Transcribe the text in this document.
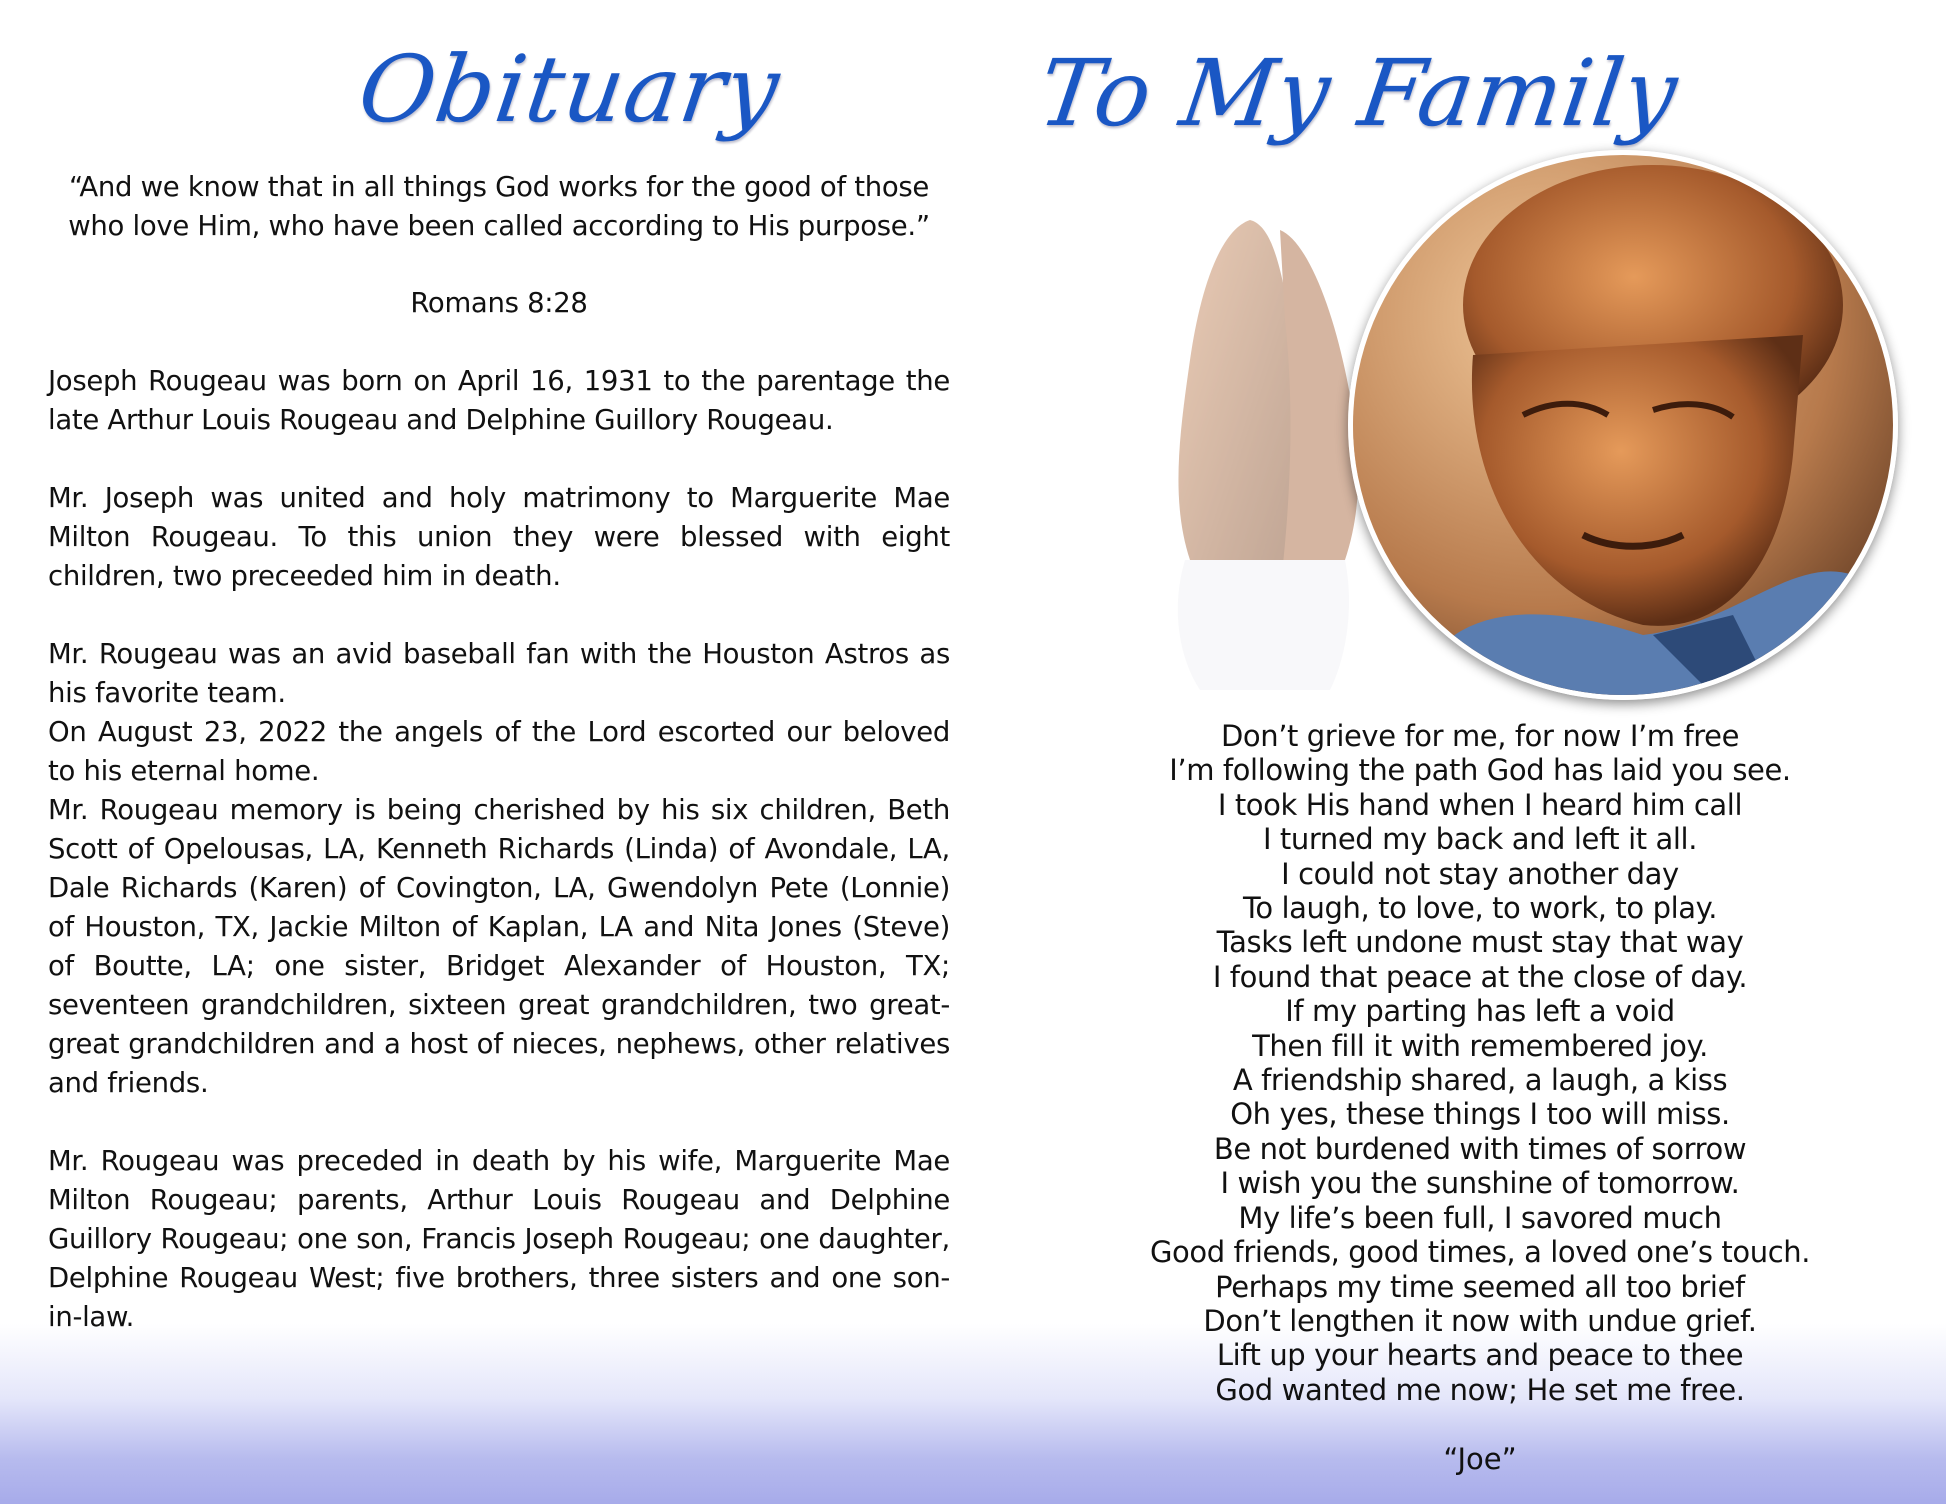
Obituary	To My Family

“And we know that in all things God works for the good of those who love Him, who have been called according to His purpose.”

Romans 8:28

Joseph Rougeau was born on April 16, 1931 to the parentage the late Arthur Louis Rougeau and Delphine Guillory Rougeau.

Mr. Joseph was united and holy matrimony to Marguerite Mae Milton Rougeau. To this union they were blessed with eight children, two preceeded him in death.

Mr. Rougeau was an avid baseball fan with the Houston Astros as his favorite team.

On August 23, 2022 the angels of the Lord escorted our beloved to his eternal home.

Mr. Rougeau memory is being cherished by his six children, Beth Scott of Opelousas, LA, Kenneth Richards (Linda) of Avondale, LA, Dale Richards (Karen) of Covington, LA, Gwendolyn Pete (Lonnie) of Houston, TX, Jackie Milton of Kaplan, LA and Nita Jones (Steve) of Boutte, LA; one sister, Bridget Alexander of Houston, TX; seventeen grandchildren, sixteen great grandchildren, two great-great grandchildren and a host of nieces, nephews, other relatives and friends.

Mr. Rougeau was preceded in death by his wife, Marguerite Mae Milton Rougeau; parents, Arthur Louis Rougeau and Delphine Guillory Rougeau; one son, Francis Joseph Rougeau; one daughter, Delphine Rougeau West; five brothers, three sisters and one son-in-law.

Don’t grieve for me, for now I’m free
I’m following the path God has laid you see.
I took His hand when I heard him call
I turned my back and left it all.
I could not stay another day
To laugh, to love, to work, to play.
Tasks left undone must stay that way
I found that peace at the close of day.
If my parting has left a void
Then fill it with remembered joy.
A friendship shared, a laugh, a kiss
Oh yes, these things I too will miss.
Be not burdened with times of sorrow
I wish you the sunshine of tomorrow.
My life’s been full, I savored much
Good friends, good times, a loved one’s touch.
Perhaps my time seemed all too brief
Don’t lengthen it now with undue grief.
Lift up your hearts and peace to thee
God wanted me now; He set me free.
“Joe”
